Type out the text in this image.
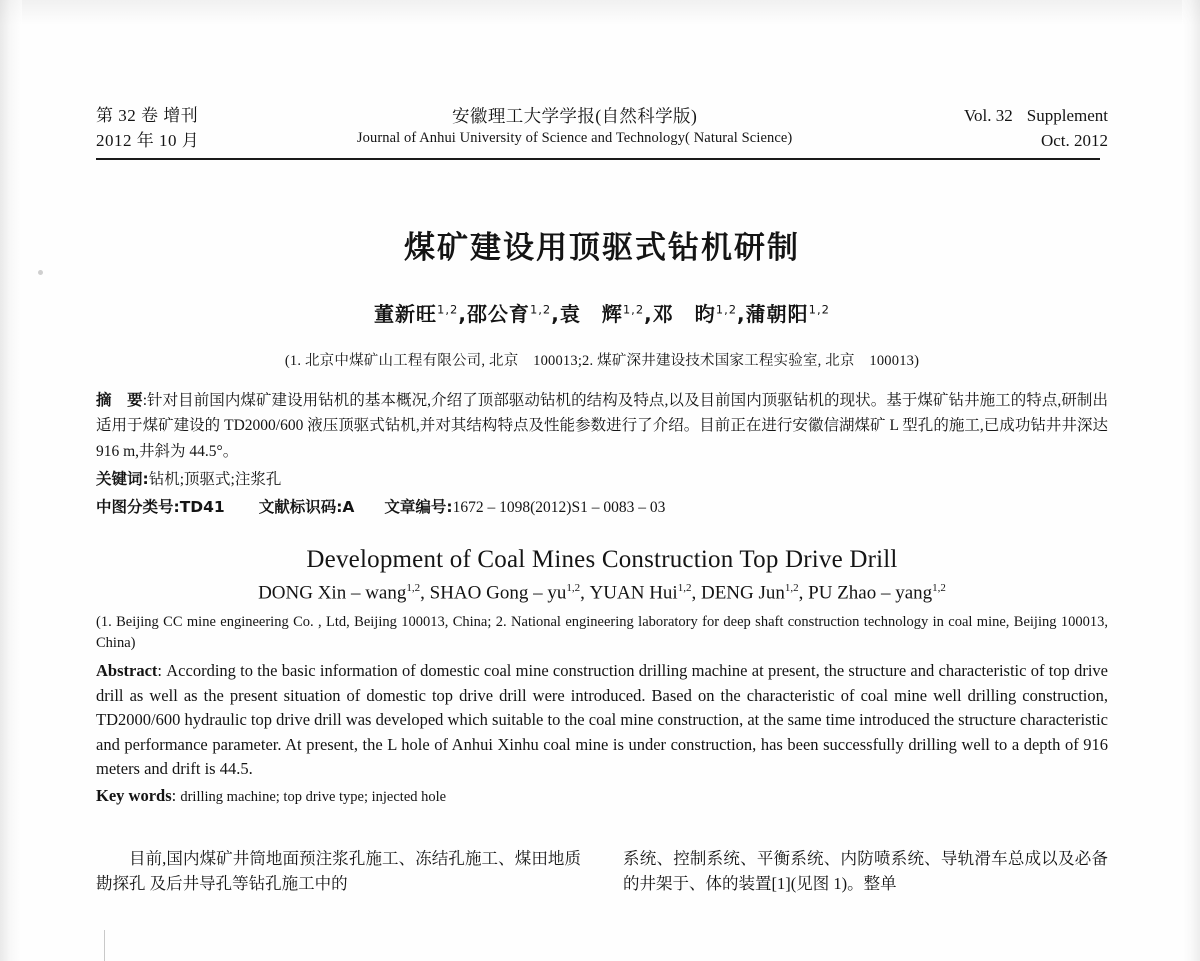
第 32 卷 增刊
2012 年 10 月
安徽理工大学学报(自然科学版)
Journal of Anhui University of Science and Technology( Natural Science)
Vol. 32 Supplement
Oct. 2012
煤矿建设用顶驱式钻机研制
董新旺$^{1,2}$,邵公育$^{1,2}$,袁　辉$^{1,2}$,邓　昀$^{1,2}$,蒲朝阳$^{1,2}$
(1. 北京中煤矿山工程有限公司, 北京　100013;2. 煤矿深井建设技术国家工程实验室, 北京　100013)

摘　要:针对目前国内煤矿建设用钻机的基本概况,介绍了顶部驱动钻机的结构及特点,以及目前国内顶驱钻机的现状。基于煤矿钻井施工的特点,研制出适用于煤矿建设的 TD2000/600 液压顶驱式钻机,并对其结构特点及性能参数进行了介绍。目前正在进行安徽信湖煤矿 L 型孔的施工,已成功钻井井深达 916 m,井斜为 44.5°。

关键词:钻机;顶驱式;注浆孔
中图分类号:TD41 文献标识码:A 文章编号:1672 – 1098(2012)S1 – 0083 – 03
Development of Coal Mines Construction Top Drive Drill
DONG Xin – wang$^{1,2}$, SHAO Gong – yu$^{1,2}$, YUAN Hui$^{1,2}$, DENG Jun$^{1,2}$, PU Zhao – yang$^{1,2}$
(1. Beijing CC mine engineering Co. , Ltd, Beijing 100013, China; 2. National engineering laboratory for deep shaft construction technology in coal mine, Beijing 100013, China)
Abstract: According to the basic information of domestic coal mine construction drilling machine at present, the structure and characteristic of top drive drill as well as the present situation of domestic top drive drill were introduced. Based on the characteristic of coal mine well drilling construction, TD2000/600 hydraulic top drive drill was developed which suitable to the coal mine construction, at the same time introduced the structure characteristic and performance parameter. At present, the L hole of Anhui Xinhu coal mine is under construction, has been successfully drilling well to a depth of 916 meters and drift is 44.5.
Key words: drilling machine; top drive type; injected hole

目前,国内煤矿井筒地面预注浆孔施工、冻结孔施工、煤田地质勘探孔 及后井导孔等钻孔施工中的

系统、控制系统、平衡系统、内防喷系统、导轨滑车总成以及必备的井架于、体的装置[1](见图 1)。整单
